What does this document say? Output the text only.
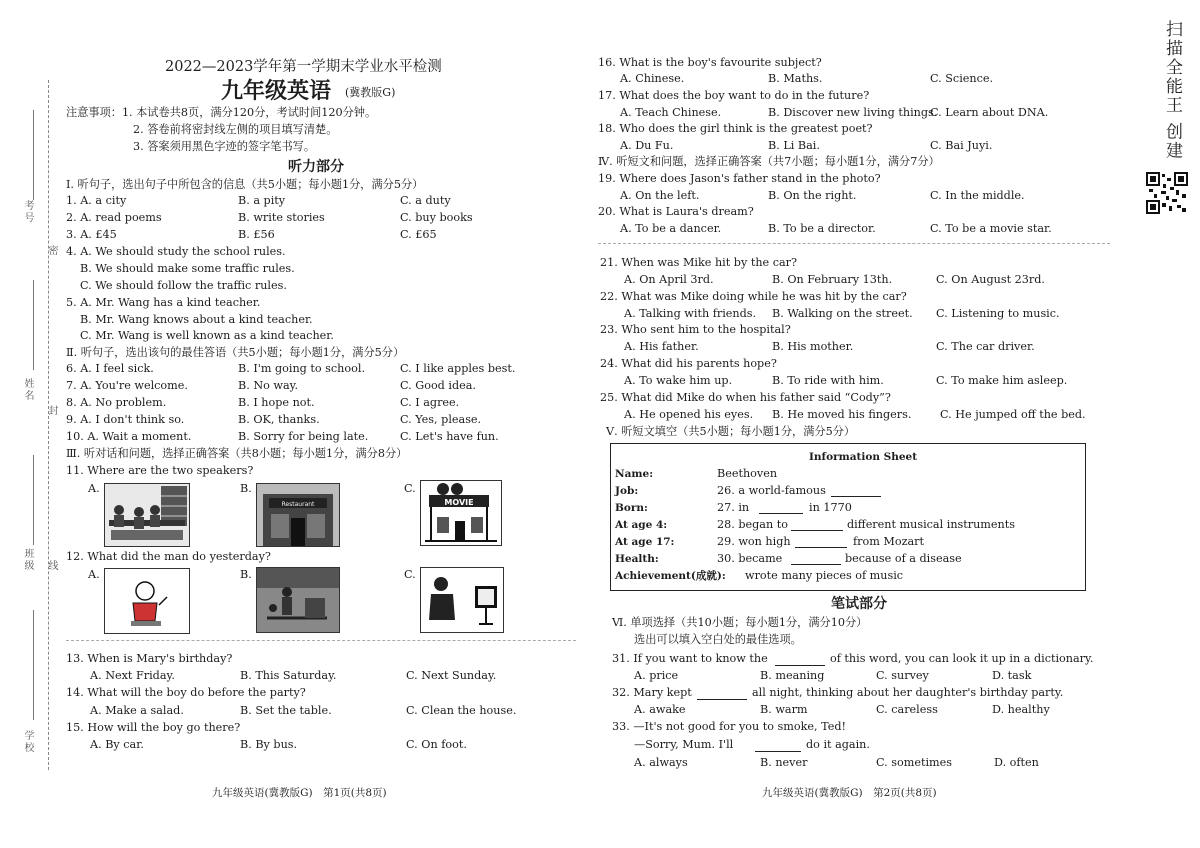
考号
密
姓名
封
班级 线
学校
扫描全能王 创建
2022—2023学年第一学期末学业水平检测
九年级英语 (冀教版G)
注意事项：1. 本试卷共8页，满分120分，考试时间120分钟。
2. 答卷前将密封线左侧的项目填写清楚。
3. 答案须用黑色字迹的签字笔书写。
听力部分
Ⅰ. 听句子，选出句子中所包含的信息（共5小题；每小题1分，满分5分）
1. A. a city	B. a pity	C. a duty
2. A. read poems	B. write stories	C. buy books
3. A. £45	B. £56	C. £65
4. A. We should study the school rules.
B. We should make some traffic rules.
C. We should follow the traffic rules.
5. A. Mr. Wang has a kind teacher.
B. Mr. Wang knows about a kind teacher.
C. Mr. Wang is well known as a kind teacher.
Ⅱ. 听句子，选出该句的最佳答语（共5小题；每小题1分，满分5分）
6. A. I feel sick.	B. I'm going to school.	C. I like apples best.
7. A. You're welcome.	B. No way.	C. Good idea.
8. A. No problem.	B. I hope not.	C. I agree.
9. A. I don't think so.	B. OK, thanks.	C. Yes, please.
10. A. Wait a moment.	B. Sorry for being late.	C. Let's have fun.
Ⅲ. 听对话和问题，选择正确答案（共8小题；每小题1分，满分8分）
11. Where are the two speakers?
A.	B.
Restaurant
C.
MOVIE
12. What did the man do yesterday?
A.	B.	C.
13. When is Mary's birthday?
A. Next Friday.	B. This Saturday.	C. Next Sunday.
14. What will the boy do before the party?
A. Make a salad.	B. Set the table.	C. Clean the house.
15. How will the boy go there?
A. By car.	B. By bus.	C. On foot.
九年级英语(冀教版G)　第1页(共8页)
16. What is the boy's favourite subject?
A. Chinese.	B. Maths.	C. Science.
17. What does the boy want to do in the future?
A. Teach Chinese.	B. Discover new living things.
C. Learn about DNA.
18. Who does the girl think is the greatest poet?
A. Du Fu.	B. Li Bai.	C. Bai Juyi.
Ⅳ. 听短文和问题，选择正确答案（共7小题；每小题1分，满分7分）
19. Where does Jason's father stand in the photo?
A. On the left.	B. On the right.	C. In the middle.
20. What is Laura's dream?
A. To be a dancer.	B. To be a director.	C. To be a movie star.
21. When was Mike hit by the car?
A. On April 3rd.	B. On February 13th.	C. On August 23rd.
22. What was Mike doing while he was hit by the car?
A. Talking with friends. B. Walking on the street. C. Listening to music.
23. Who sent him to the hospital?
A. His father.	B. His mother.	C. The car driver.
24. What did his parents hope?
A. To wake him up.	B. To ride with him.	C. To make him asleep.
25. What did Mike do when his father said “Cody”?
A. He opened his eyes. B. He moved his fingers.	C. He jumped off the bed.
Ⅴ. 听短文填空（共5小题；每小题1分，满分5分）
Information Sheet
Name:	Beethoven
Job:	26. a world-famous
Born:	27. in	in 1770
At age 4:	28. began to	different musical instruments
At age 17:	29. won high	from Mozart
Health:	30. became	because of a disease
Achievement(成就): wrote many pieces of music
笔试部分
Ⅵ. 单项选择（共10小题；每小题1分，满分10分）
选出可以填入空白处的最佳选项。
31. If you want to know the	of this word, you can look it up in a dictionary.
A. price	B. meaning	C. survey	D. task
32. Mary kept	all night, thinking about her daughter's birthday party.
A. awake	B. warm	C. careless	D. healthy
33. —It's not good for you to smoke, Ted!
—Sorry, Mum. I'll	do it again.
A. always	B. never	C. sometimes	D. often
九年级英语(冀教版G)　第2页(共8页)
